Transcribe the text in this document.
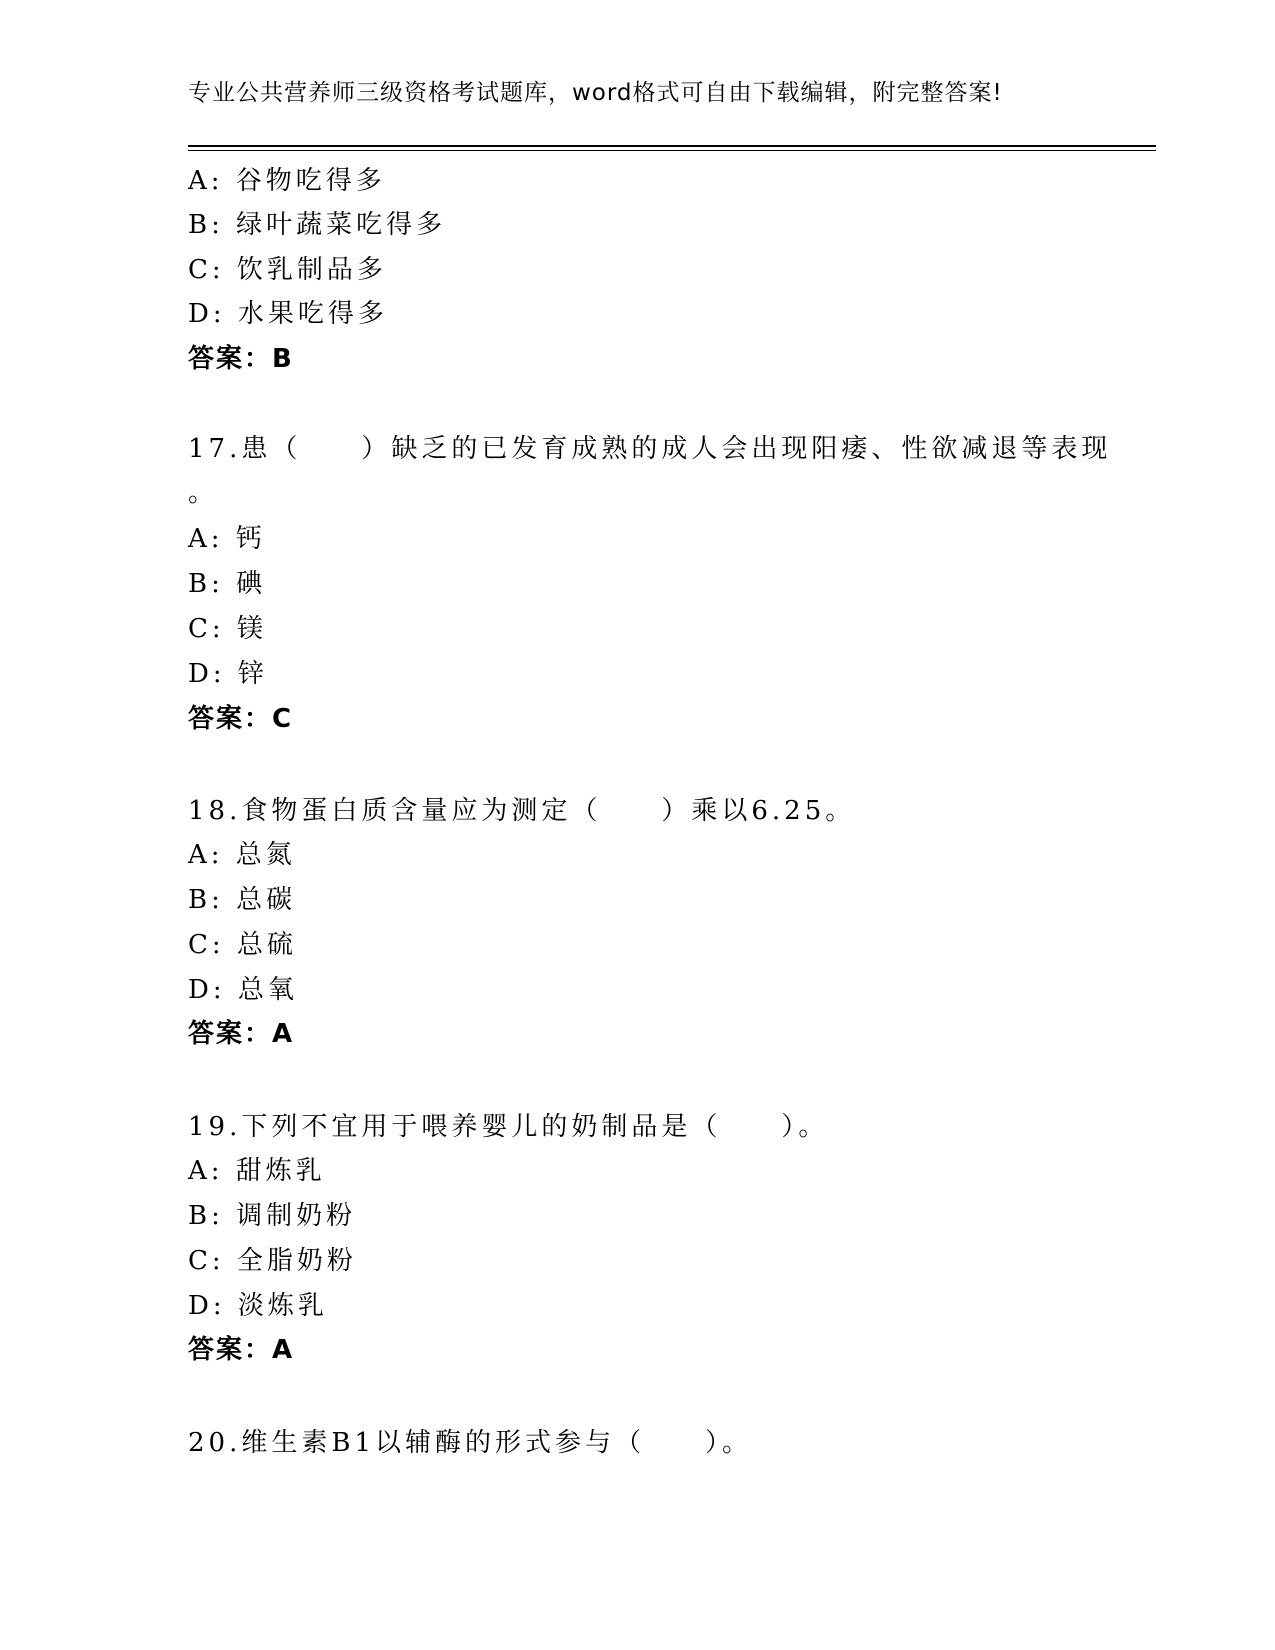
专业公共营养师三级资格考试题库，word格式可自由下载编辑，附完整答案!
A: 谷物吃得多
B: 绿叶蔬菜吃得多
C: 饮乳制品多
D: 水果吃得多
答案：B
17.患（　　）缺乏的已发育成熟的成人会出现阳痿、性欲减退等表现
。
A: 钙
B: 碘
C: 镁
D: 锌
答案：C
18.食物蛋白质含量应为测定（　　）乘以6.25。
A: 总氮
B: 总碳
C: 总硫
D: 总氧
答案：A
19.下列不宜用于喂养婴儿的奶制品是（　　）。
A: 甜炼乳
B: 调制奶粉
C: 全脂奶粉
D: 淡炼乳
答案：A
20.维生素B1以辅酶的形式参与（　　）。
